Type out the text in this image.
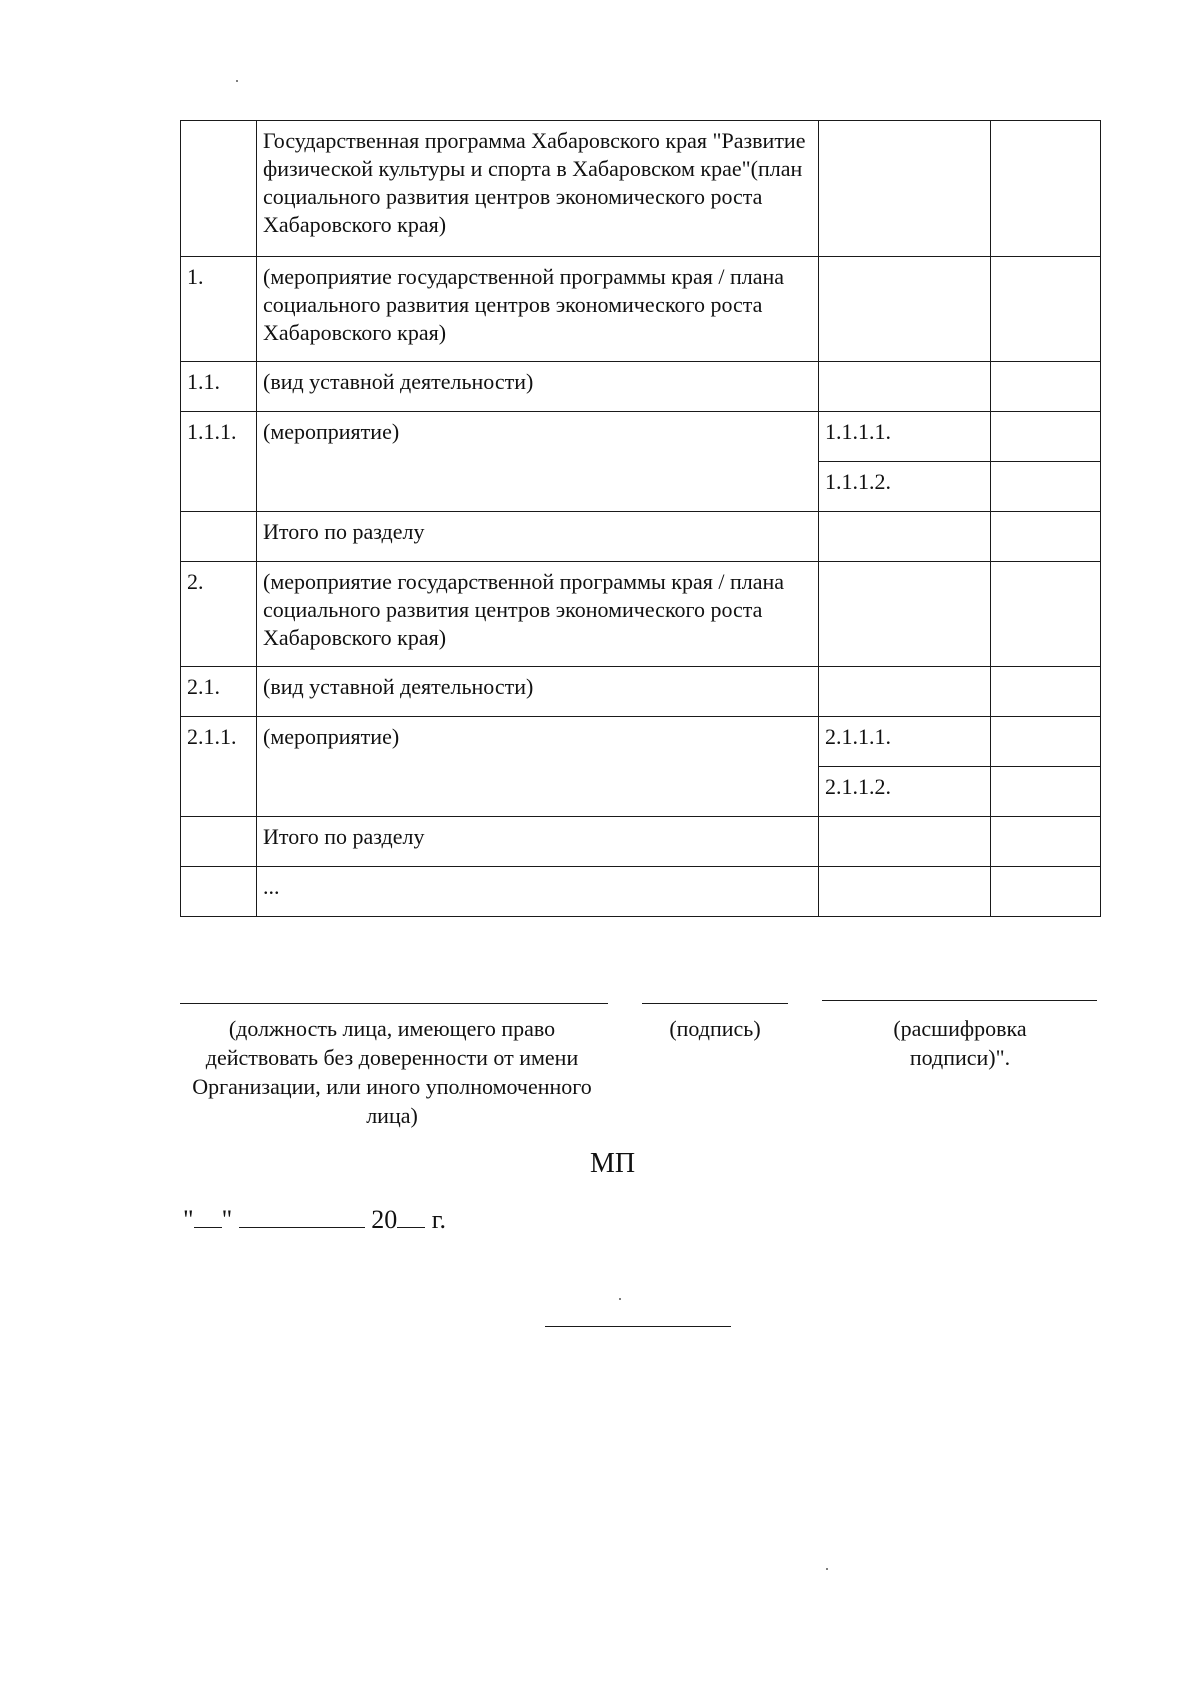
	Государственная программа Хабаровского края "Развитие физической культуры и спорта в Хабаровском крае"(план социального развития центров экономического роста Хабаровского края)		
1.	(мероприятие государственной программы края / плана социального развития центров экономического роста Хабаровского края)		
1.1.	(вид уставной деятельности)		
1.1.1.	(мероприятие)	1.1.1.1.	
		1.1.1.2.	
	Итого по разделу		
2.	(мероприятие государственной программы края / плана социального развития центров экономического роста Хабаровского края)		
2.1.	(вид уставной деятельности)		
2.1.1.	(мероприятие)	2.1.1.1.	
		2.1.1.2.	
	Итого по разделу		
	...		
(должность лица, имеющего право действовать без доверенности от имени Организации, или иного уполномоченного лица)
(подпись)	(расшифровка подписи)".
МП
" "	20 г.
